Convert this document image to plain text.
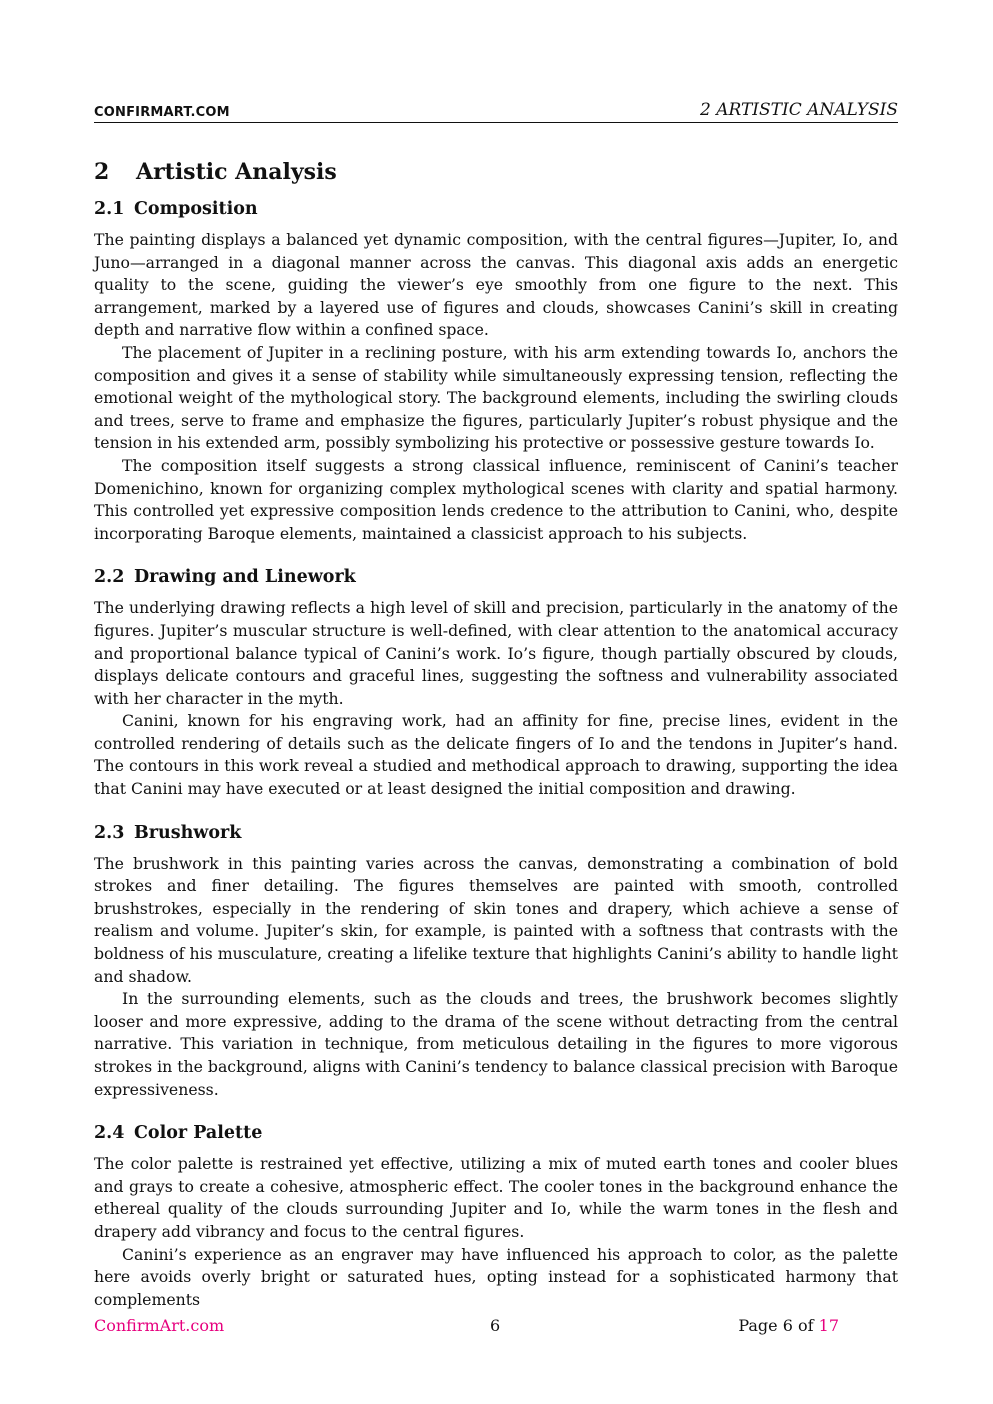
CONFIRMART.COM	2 ARTISTIC ANALYSIS
2 Artistic Analysis
2.1 Composition

The painting displays a balanced yet dynamic composition, with the central figures—Jupiter, Io, and Juno—arranged in a diagonal manner across the canvas. This diagonal axis adds an energetic quality to the scene, guiding the viewer’s eye smoothly from one figure to the next. This arrangement, marked by a layered use of figures and clouds, showcases Canini’s skill in creating depth and narrative flow within a confined space.

The placement of Jupiter in a reclining posture, with his arm extending towards Io, anchors the composition and gives it a sense of stability while simultaneously expressing tension, reflecting the emotional weight of the mythological story. The background elements, including the swirling clouds and trees, serve to frame and emphasize the figures, particularly Jupiter’s robust physique and the tension in his extended arm, possibly symbolizing his protective or possessive gesture towards Io.

The composition itself suggests a strong classical influence, reminiscent of Canini’s teacher Domenichino, known for organizing complex mythological scenes with clarity and spatial harmony. This controlled yet expressive composition lends credence to the attribution to Canini, who, despite incorporating Baroque elements, maintained a classicist approach to his subjects.

2.2 Drawing and Linework

The underlying drawing reflects a high level of skill and precision, particularly in the anatomy of the figures. Jupiter’s muscular structure is well-defined, with clear attention to the anatomical accuracy and proportional balance typical of Canini’s work. Io’s figure, though partially obscured by clouds, displays delicate contours and graceful lines, suggesting the softness and vulnerability associated with her character in the myth.

Canini, known for his engraving work, had an affinity for fine, precise lines, evident in the controlled rendering of details such as the delicate fingers of Io and the tendons in Jupiter’s hand. The contours in this work reveal a studied and methodical approach to drawing, supporting the idea that Canini may have executed or at least designed the initial composition and drawing.

2.3 Brushwork

The brushwork in this painting varies across the canvas, demonstrating a combination of bold strokes and finer detailing. The figures themselves are painted with smooth, controlled brushstrokes, especially in the rendering of skin tones and drapery, which achieve a sense of realism and volume. Jupiter’s skin, for example, is painted with a softness that contrasts with the boldness of his musculature, creating a lifelike texture that highlights Canini’s ability to handle light and shadow.

In the surrounding elements, such as the clouds and trees, the brushwork becomes slightly looser and more expressive, adding to the drama of the scene without detracting from the central narrative. This variation in technique, from meticulous detailing in the figures to more vigorous strokes in the background, aligns with Canini’s tendency to balance classical precision with Baroque expressiveness.

2.4 Color Palette

The color palette is restrained yet effective, utilizing a mix of muted earth tones and cooler blues and grays to create a cohesive, atmospheric effect. The cooler tones in the background enhance the ethereal quality of the clouds surrounding Jupiter and Io, while the warm tones in the flesh and drapery add vibrancy and focus to the central figures.

Canini’s experience as an engraver may have influenced his approach to color, as the palette here avoids overly bright or saturated hues, opting instead for a sophisticated harmony that complements

ConfirmArt.com	6	Page 6 of 17
